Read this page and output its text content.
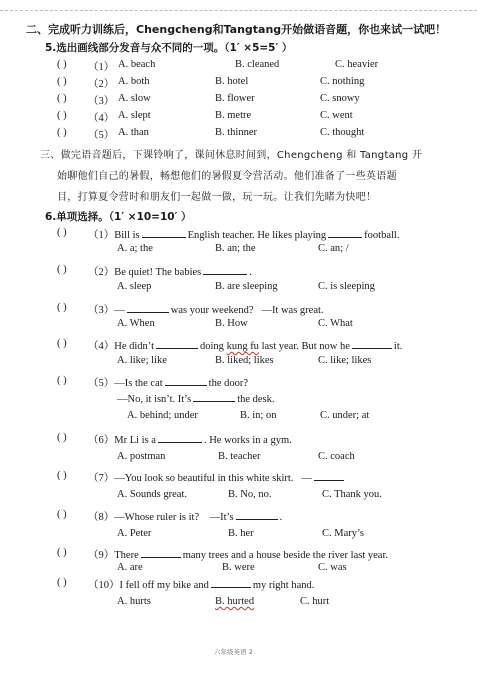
二、完成听力训练后，Chengcheng和Tangtang开始做语音题，你也来试一试吧！
5.选出画线部分发音与众不同的一项。（1′ ×5=5′ ）
( ) （1） A. beach	B. cleaned	C. heavier
( ) （2） A. both	B. hotel	C. nothing
( ) （3） A. slow	B. flower	C. snowy
( ) （4） A. slept	B. metre	C. went
( ) （5） A. than	B. thinner	C. thought
三、做完语音题后，下课铃响了，课间休息时间到，Chengcheng 和 Tangtang 开
始聊他们自己的暑假，畅想他们的暑假夏令营活动。他们准备了一些英语题
目，打算夏令营时和朋友们一起做一做，玩一玩。让我们先睹为快吧！
6.单项选择。（1′ ×10=10′ ）
( ) （1）Bill is	English teacher. He likes playing	football.
A. a; the	B. an; the	C. an; /
( ) （2）Be quiet! The babies	.
A. sleep	B. are sleeping	C. is sleeping
( ) （3）—	was your weekend? —It was great.
A. When	B. How	C. What
( ) （4）He didn’t	doing kung fu last year. But now he	it.
A. like; like	B. liked; likes	C. like; likes
( ) （5）—Is the cat	the door?
—No, it isn’t. It’s	the desk.
A. behind; under	B. in; on	C. under; at
( ) （6）Mr Li is a	. He works in a gym.
A. postman	B. teacher	C. coach
( ) （7）—You look so beautiful in this white skirt. —
A. Sounds great.	B. No, no.	C. Thank you.
( ) （8）—Whose ruler is it? —It’s	.
A. Peter	B. her	C. Mary’s
( ) （9）There	many trees and a house beside the river last year.
A. are	B. were	C. was
( ) （10）I fell off my bike and	my right hand.
A. hurts	B. hurted	C. hurt
六年级英语 2
